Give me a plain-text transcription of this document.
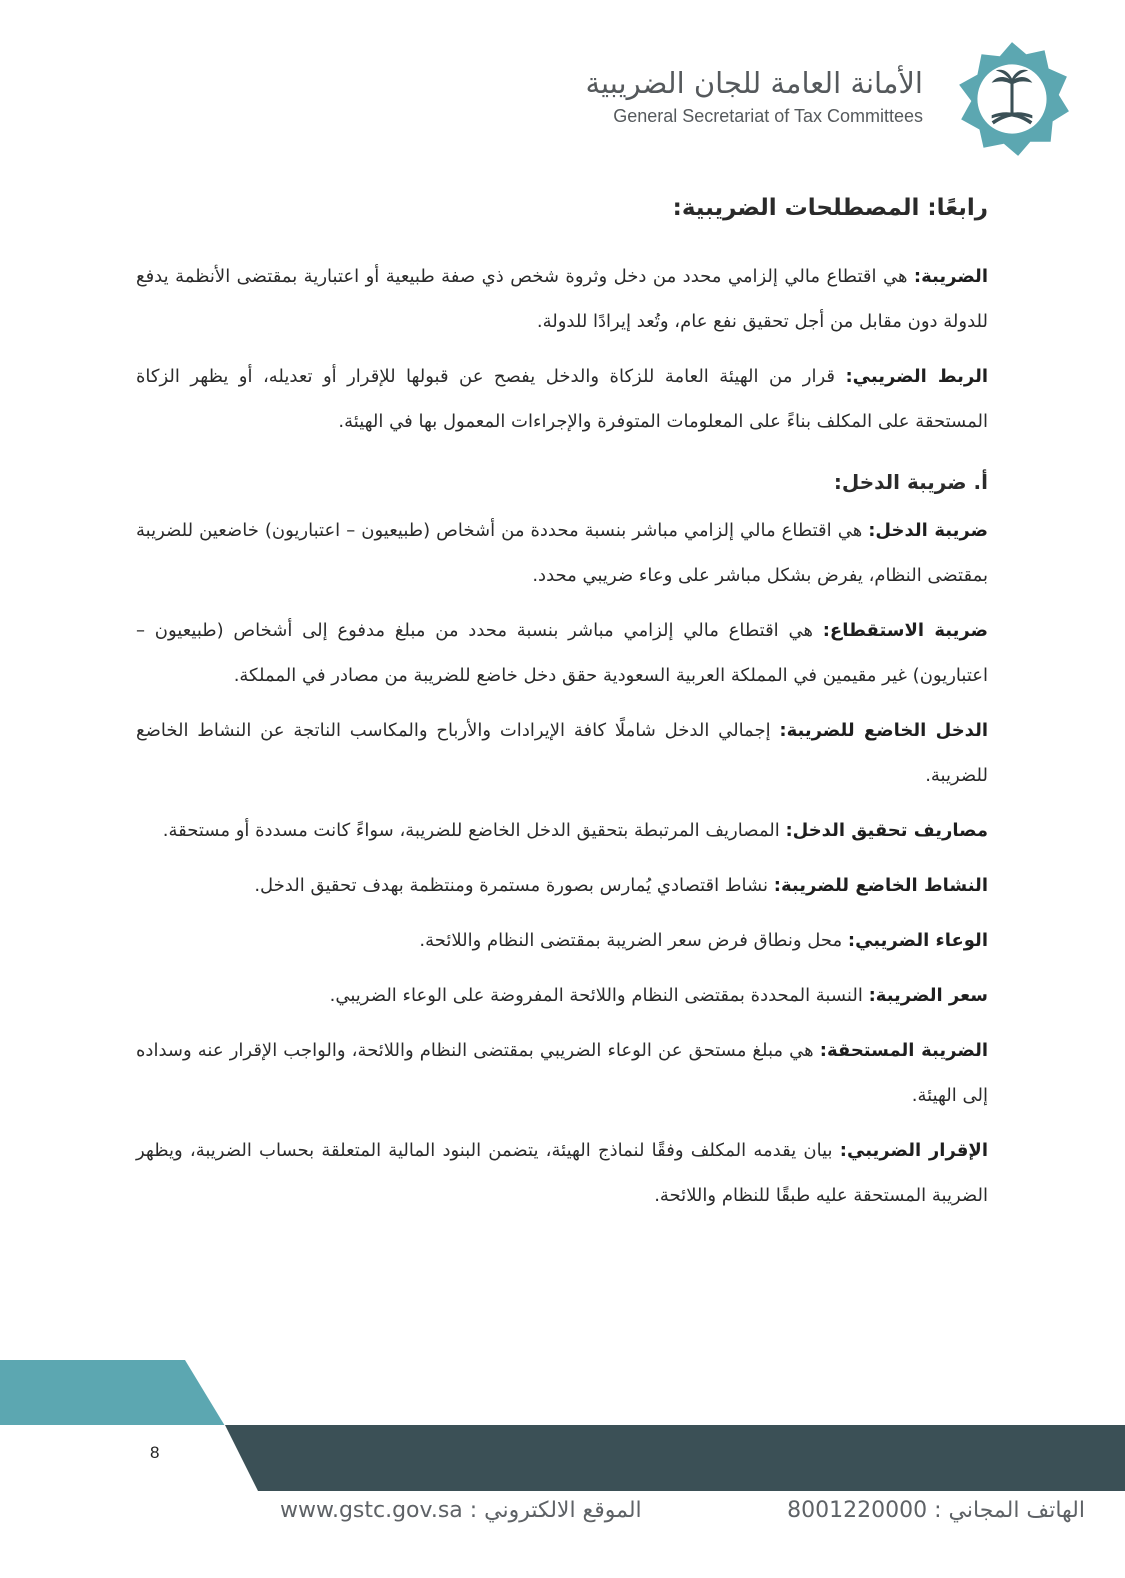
الأمانة العامة للجان الضريبية
General Secretariat of Tax Committees
رابعًا: المصطلحات الضريبية:

الضريبة: هي اقتطاع مالي إلزامي محدد من دخل وثروة شخص ذي صفة طبيعية أو اعتبارية بمقتضى الأنظمة يدفع للدولة دون مقابل من أجل تحقيق نفع عام، وتُعد إيرادًا للدولة.

الربط الضريبي: قرار من الهيئة العامة للزكاة والدخل يفصح عن قبولها للإقرار أو تعديله، أو يظهر الزكاة المستحقة على المكلف بناءً على المعلومات المتوفرة والإجراءات المعمول بها في الهيئة.

أ. ضريبة الدخل:

ضريبة الدخل: هي اقتطاع مالي إلزامي مباشر بنسبة محددة من أشخاص (طبيعيون – اعتباريون) خاضعين للضريبة بمقتضى النظام، يفرض بشكل مباشر على وعاء ضريبي محدد.

ضريبة الاستقطاع: هي اقتطاع مالي إلزامي مباشر بنسبة محدد من مبلغ مدفوع إلى أشخاص (طبيعيون – اعتباريون) غير مقيمين في المملكة العربية السعودية حقق دخل خاضع للضريبة من مصادر في المملكة.

الدخل الخاضع للضريبة: إجمالي الدخل شاملًا كافة الإيرادات والأرباح والمكاسب الناتجة عن النشاط الخاضع للضريبة.

مصاريف تحقيق الدخل: المصاريف المرتبطة بتحقيق الدخل الخاضع للضريبة، سواءً كانت مسددة أو مستحقة.

النشاط الخاضع للضريبة: نشاط اقتصادي يُمارس بصورة مستمرة ومنتظمة بهدف تحقيق الدخل.

الوعاء الضريبي: محل ونطاق فرض سعر الضريبة بمقتضى النظام واللائحة.

سعر الضريبة: النسبة المحددة بمقتضى النظام واللائحة المفروضة على الوعاء الضريبي.

الضريبة المستحقة: هي مبلغ مستحق عن الوعاء الضريبي بمقتضى النظام واللائحة، والواجب الإقرار عنه وسداده إلى الهيئة.

الإقرار الضريبي: بيان يقدمه المكلف وفقًا لنماذج الهيئة، يتضمن البنود المالية المتعلقة بحساب الضريبة، ويظهر الضريبة المستحقة عليه طبقًا للنظام واللائحة.

8
الموقع الالكتروني : www.gstc.gov.sa	الهاتف المجاني : 8001220000
